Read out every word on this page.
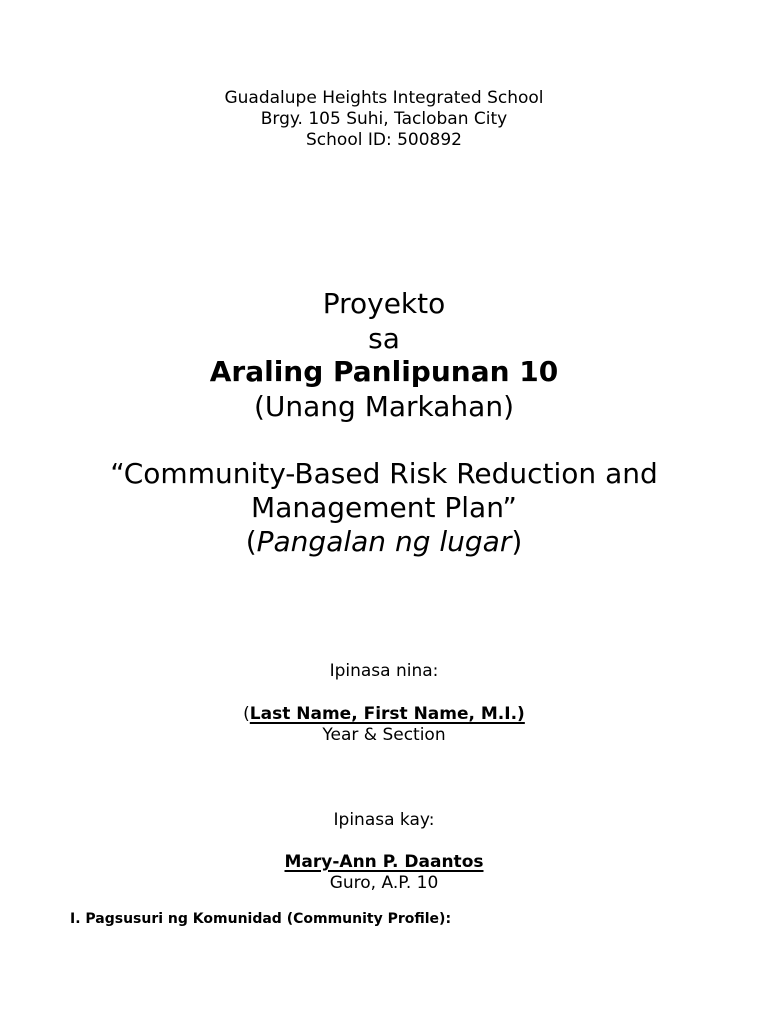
Guadalupe Heights Integrated School
Brgy. 105 Suhi, Tacloban City
School ID: 500892
Proyekto
sa
Araling Panlipunan 10
(Unang Markahan)
“Community-Based Risk Reduction and
Management Plan”
(Pangalan ng lugar)
Ipinasa nina:
(Last Name, First Name, M.I.)
Year & Section
Ipinasa kay:
Mary-Ann P. Daantos
Guro, A.P. 10
I. Pagsusuri ng Komunidad (Community Profile):
